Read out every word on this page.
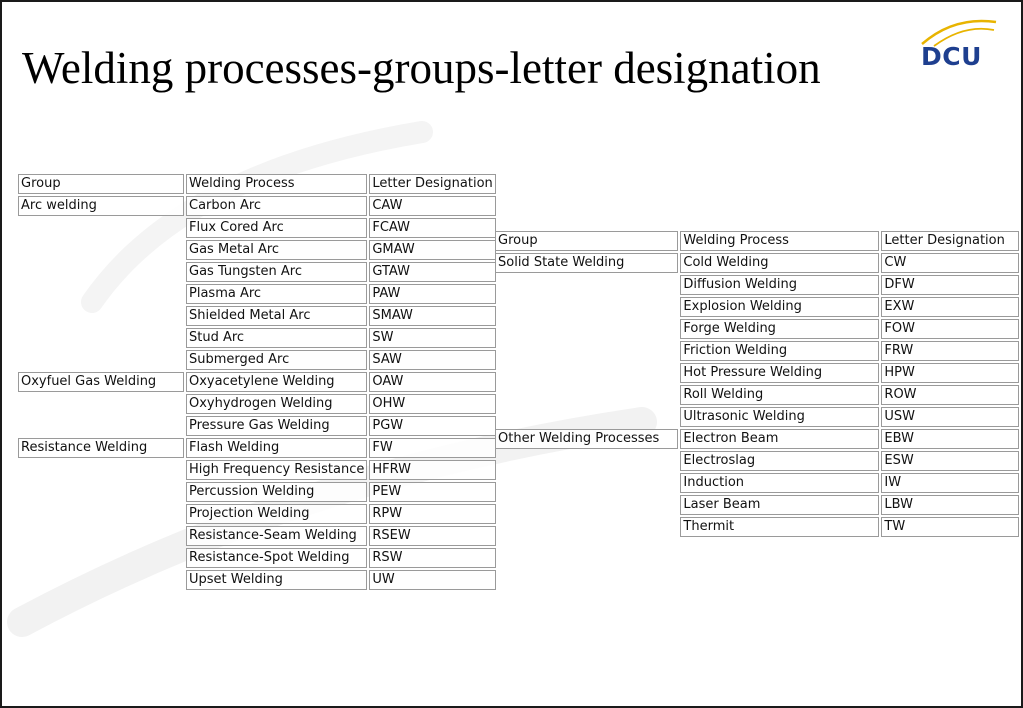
Welding processes-groups-letter designation	DCU
Group	Welding Process	Letter Designation
Arc welding	Carbon Arc	CAW
	Flux Cored Arc	FCAW
	Gas Metal Arc	GMAW
	Gas Tungsten Arc	GTAW
	Plasma Arc	PAW
	Shielded Metal Arc	SMAW
	Stud Arc	SW
	Submerged Arc	SAW
Oxyfuel Gas Welding	Oxyacetylene Welding	OAW
	Oxyhydrogen Welding	OHW
	Pressure Gas Welding	PGW
Resistance Welding	Flash Welding	FW
	High Frequency Resistance	HFRW
	Percussion Welding	PEW
	Projection Welding	RPW
	Resistance-Seam Welding	RSEW
	Resistance-Spot Welding	RSW
	Upset Welding	UW
Group	Welding Process	Letter Designation
Solid State Welding	Cold Welding	CW
	Diffusion Welding	DFW
	Explosion Welding	EXW
	Forge Welding	FOW
	Friction Welding	FRW
	Hot Pressure Welding	HPW
	Roll Welding	ROW
	Ultrasonic Welding	USW
Other Welding Processes	Electron Beam	EBW
	Electroslag	ESW
	Induction	IW
	Laser Beam	LBW
	Thermit	TW
